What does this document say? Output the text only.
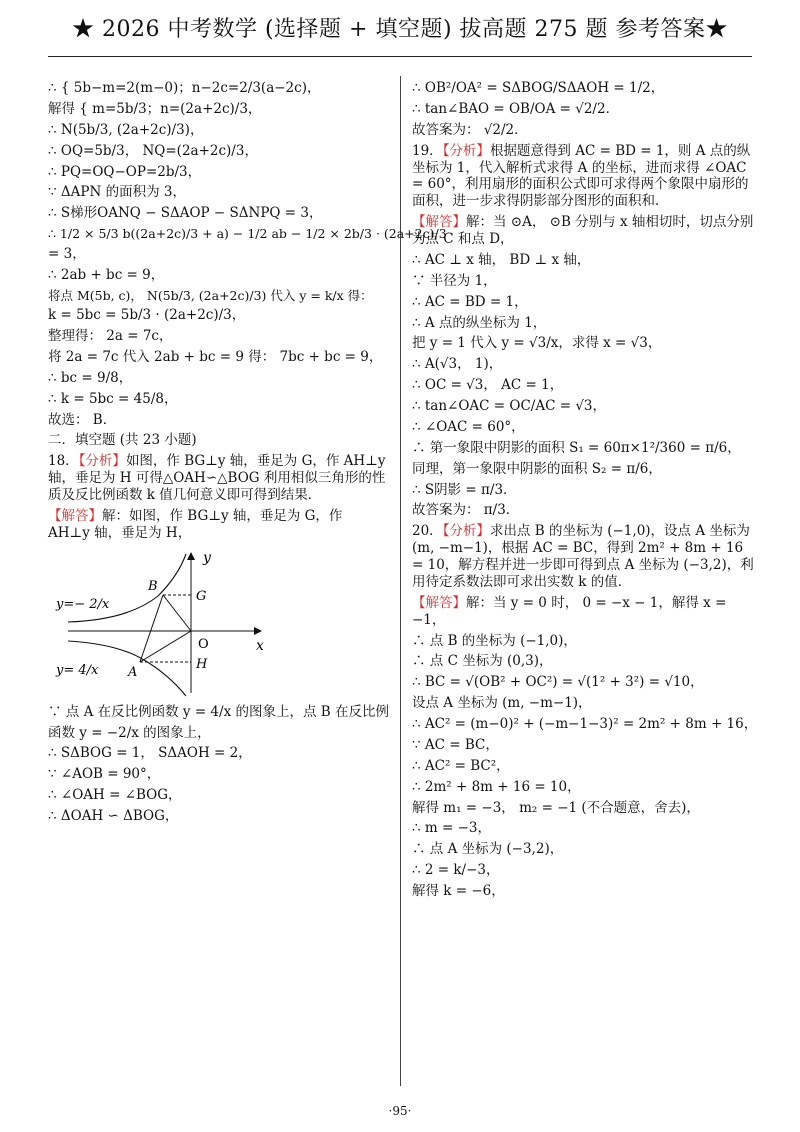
★ 2026 中考数学 (选择题 + 填空题) 拔高题 275 题 参考答案★
∴ { 5b−m=2(m−0)；n−2c=2/3(a−2c)，
解得 { m=5b/3；n=(2a+2c)/3，
∴ N(5b/3, (2a+2c)/3)，
∴ OQ=5b/3， NQ=(2a+2c)/3，
∴ PQ=OQ−OP=2b/3，
∵ ΔAPN 的面积为 3，
∴ S梯形OANQ − SΔAOP − SΔNPQ = 3，
∴ 1/2 × 5/3 b((2a+2c)/3 + a) − 1/2 ab − 1/2 × 2b/3 · (2a+2c)/3
= 3，
∴ 2ab + bc = 9，
将点 M(5b, c)， N(5b/3, (2a+2c)/3) 代入 y = k/x 得：
k = 5bc = 5b/3 · (2a+2c)/3，
整理得： 2a = 7c，
将 2a = 7c 代入 2ab + bc = 9 得： 7bc + bc = 9，
∴ bc = 9/8，
∴ k = 5bc = 45/8，
故选： B．
二．填空题 (共 23 小题)
18．【分析】如图，作 BG⊥y 轴，垂足为 G，作 AH⊥y 轴，垂足为 H 可得△OAH∽△BOG 利用相似三角形的性质及反比例函数 k 值几何意义即可得到结果．
【解答】解：如图，作 BG⊥y 轴，垂足为 G，作 AH⊥y 轴，垂足为 H，
y
x
O
B
A
G
H
y=− 2/x
y= 4/x
∵ 点 A 在反比例函数 y = 4/x 的图象上，点 B 在反比例
函数 y = −2/x 的图象上，
∴ SΔBOG = 1， SΔAOH = 2，
∵ ∠AOB = 90°，
∴ ∠OAH = ∠BOG，
∴ ΔOAH ∽ ΔBOG，
∴ OB²/OA² = SΔBOG/SΔAOH = 1/2，
∴ tan∠BAO = OB/OA = √2/2．
故答案为： √2/2．
19．【分析】根据题意得到 AC = BD = 1，则 A 点的纵坐标为 1，代入解析式求得 A 的坐标，进而求得 ∠OAC = 60°，利用扇形的面积公式即可求得两个象限中扇形的面积，进一步求得阴影部分图形的面积和．
【解答】解：当 ⊙A， ⊙B 分别与 x 轴相切时，切点分别为点 C 和点 D，
∴ AC ⊥ x 轴， BD ⊥ x 轴，
∵ 半径为 1，
∴ AC = BD = 1，
∴ A 点的纵坐标为 1，
把 y = 1 代入 y = √3/x，求得 x = √3，
∴ A(√3， 1)，
∴ OC = √3， AC = 1，
∴ tan∠OAC = OC/AC = √3，
∴ ∠OAC = 60°，
∴ 第一象限中阴影的面积 S₁ = 60π×1²/360 = π/6，
同理，第一象限中阴影的面积 S₂ = π/6，
∴ S阴影 = π/3．
故答案为： π/3．
20．【分析】求出点 B 的坐标为 (−1,0)，设点 A 坐标为 (m, −m−1)，根据 AC = BC，得到 2m² + 8m + 16 = 10，解方程并进一步即可得到点 A 坐标为 (−3,2)，利用待定系数法即可求出实数 k 的值．
【解答】解：当 y = 0 时， 0 = −x − 1，解得 x = −1，
∴ 点 B 的坐标为 (−1,0)，
∴ 点 C 坐标为 (0,3)，
∴ BC = √(OB² + OC²) = √(1² + 3²) = √10，
设点 A 坐标为 (m, −m−1)，
∴ AC² = (m−0)² + (−m−1−3)² = 2m² + 8m + 16，
∵ AC = BC，
∴ AC² = BC²，
∴ 2m² + 8m + 16 = 10，
解得 m₁ = −3， m₂ = −1 (不合题意，舍去)，
∴ m = −3，
∴ 点 A 坐标为 (−3,2)，
∴ 2 = k/−3，
解得 k = −6，
·95·
